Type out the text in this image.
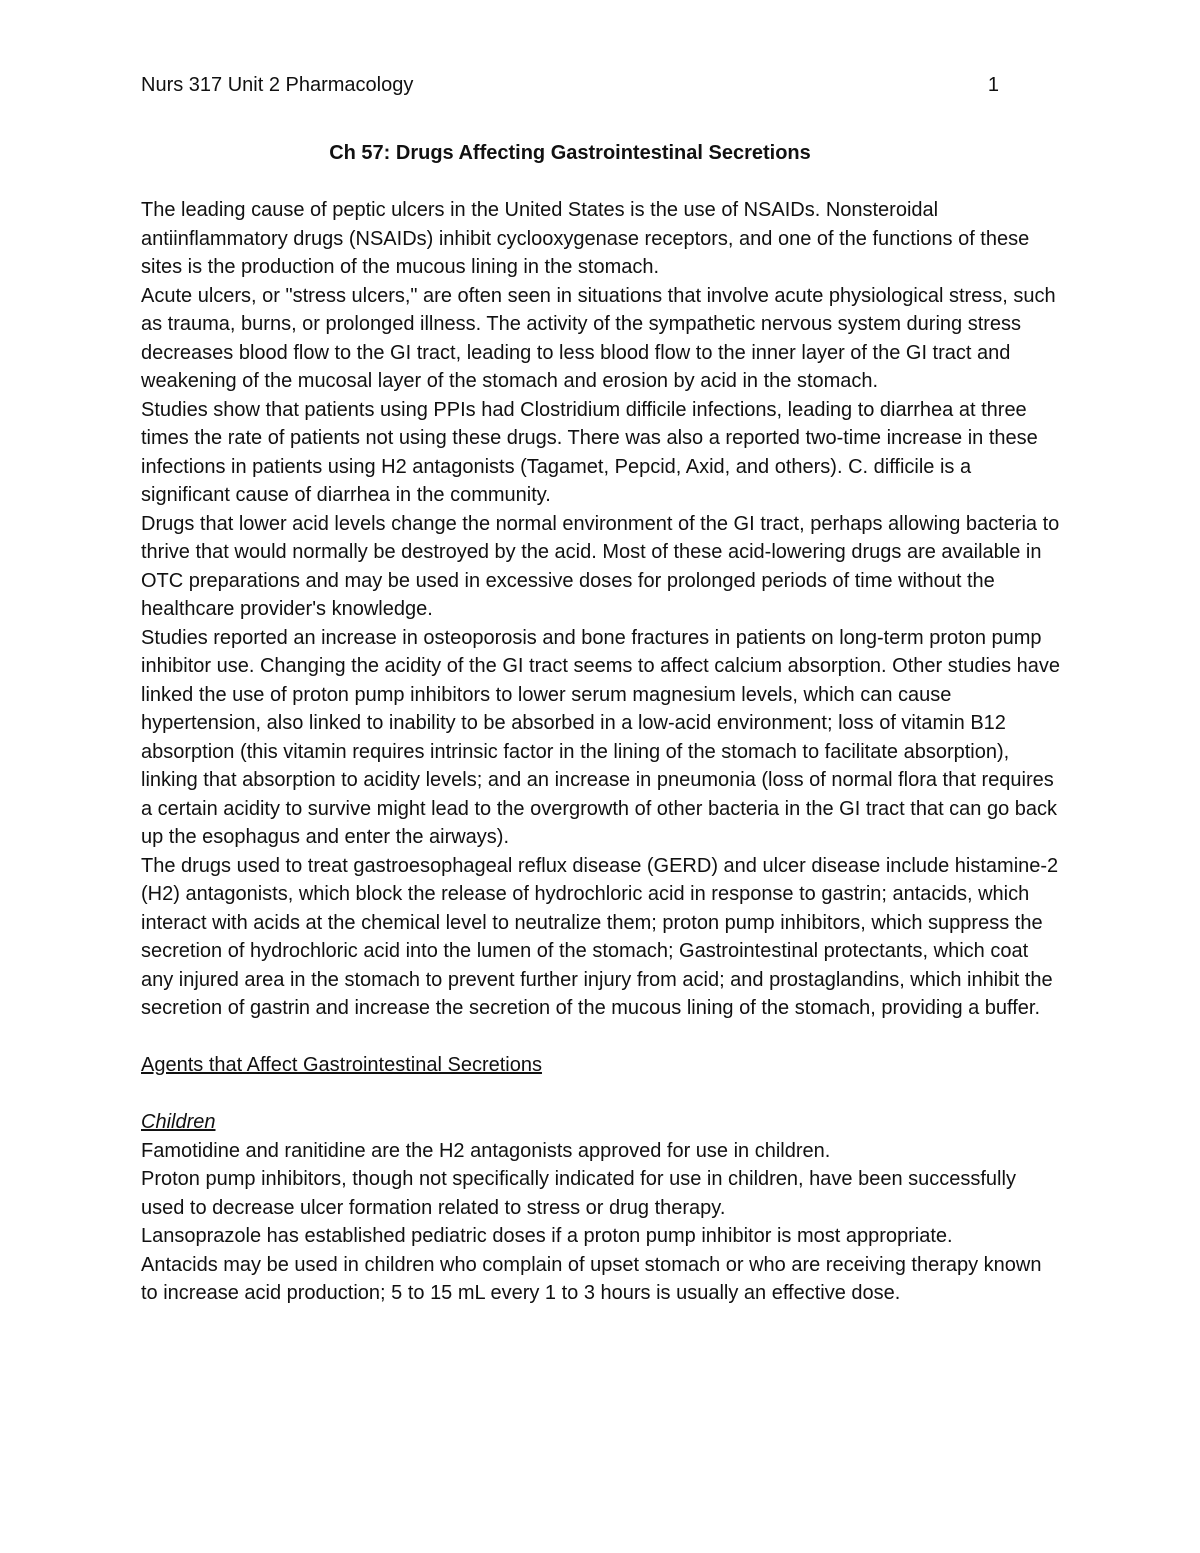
Nurs 317 Unit 2 Pharmacology	1

Ch 57: Drugs Affecting Gastrointestinal Secretions

The leading cause of peptic ulcers in the United States is the use of NSAIDs. Nonsteroidal antiinflammatory drugs (NSAIDs) inhibit cyclooxygenase receptors, and one of the functions of these sites is the production of the mucous lining in the stomach.

Acute ulcers, or "stress ulcers," are often seen in situations that involve acute physiological stress, such as trauma, burns, or prolonged illness. The activity of the sympathetic nervous system during stress decreases blood flow to the GI tract, leading to less blood flow to the inner layer of the GI tract and weakening of the mucosal layer of the stomach and erosion by acid in the stomach.

Studies show that patients using PPIs had Clostridium difficile infections, leading to diarrhea at three times the rate of patients not using these drugs. There was also a reported two-time increase in these infections in patients using H2 antagonists (Tagamet, Pepcid, Axid, and others). C. difficile is a significant cause of diarrhea in the community.

Drugs that lower acid levels change the normal environment of the GI tract, perhaps allowing bacteria to thrive that would normally be destroyed by the acid. Most of these acid-lowering drugs are available in OTC preparations and may be used in excessive doses for prolonged periods of time without the healthcare provider's knowledge.

Studies reported an increase in osteoporosis and bone fractures in patients on long-term proton pump inhibitor use. Changing the acidity of the GI tract seems to affect calcium absorption. Other studies have linked the use of proton pump inhibitors to lower serum magnesium levels, which can cause hypertension, also linked to inability to be absorbed in a low-acid environment; loss of vitamin B12 absorption (this vitamin requires intrinsic factor in the lining of the stomach to facilitate absorption), linking that absorption to acidity levels; and an increase in pneumonia (loss of normal flora that requires a certain acidity to survive might lead to the overgrowth of other bacteria in the GI tract that can go back up the esophagus and enter the airways).

The drugs used to treat gastroesophageal reflux disease (GERD) and ulcer disease include histamine-2 (H2) antagonists, which block the release of hydrochloric acid in response to gastrin; antacids, which interact with acids at the chemical level to neutralize them; proton pump inhibitors, which suppress the secretion of hydrochloric acid into the lumen of the stomach; Gastrointestinal protectants, which coat any injured area in the stomach to prevent further injury from acid; and prostaglandins, which inhibit the secretion of gastrin and increase the secretion of the mucous lining of the stomach, providing a buffer.

Agents that Affect Gastrointestinal Secretions

Children

Famotidine and ranitidine are the H2 antagonists approved for use in children.

Proton pump inhibitors, though not specifically indicated for use in children, have been successfully used to decrease ulcer formation related to stress or drug therapy.

Lansoprazole has established pediatric doses if a proton pump inhibitor is most appropriate.

Antacids may be used in children who complain of upset stomach or who are receiving therapy known to increase acid production; 5 to 15 mL every 1 to 3 hours is usually an effective dose.
